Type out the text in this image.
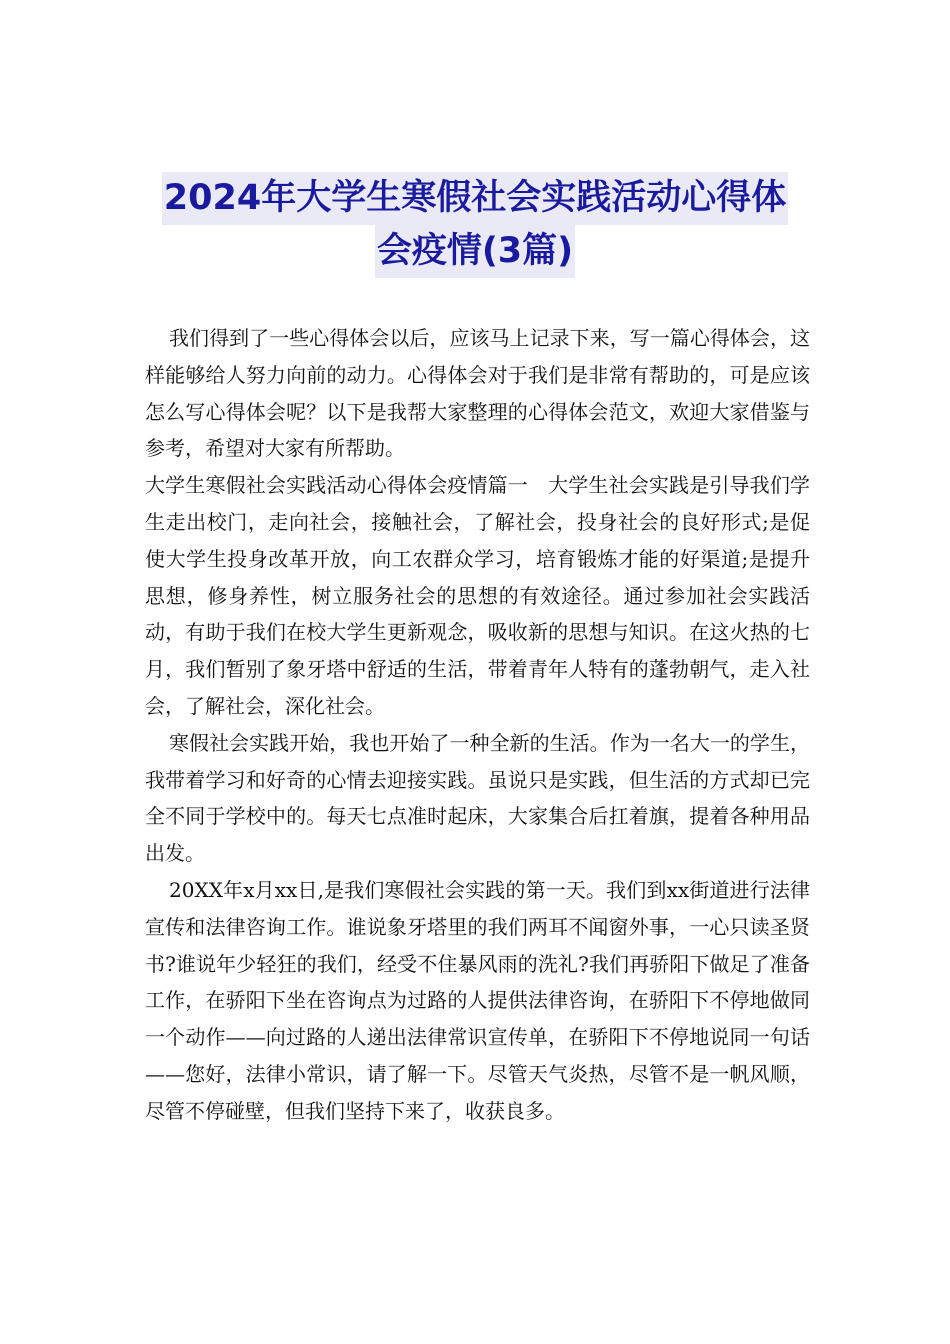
2024年大学生寒假社会实践活动心得体
会疫情(3篇)

我们得到了一些心得体会以后，应该马上记录下来，写一篇心得体会，这样能够给人努力向前的动力。心得体会对于我们是非常有帮助的，可是应该怎么写心得体会呢？以下是我帮大家整理的心得体会范文，欢迎大家借鉴与参考，希望对大家有所帮助。

大学生寒假社会实践活动心得体会疫情篇一　大学生社会实践是引导我们学生走出校门，走向社会，接触社会，了解社会，投身社会的良好形式;是促使大学生投身改革开放，向工农群众学习，培育锻炼才能的好渠道;是提升思想，修身养性，树立服务社会的思想的有效途径。通过参加社会实践活动，有助于我们在校大学生更新观念，吸收新的思想与知识。在这火热的七月，我们暂别了象牙塔中舒适的生活，带着青年人特有的蓬勃朝气，走入社会，了解社会，深化社会。

寒假社会实践开始，我也开始了一种全新的生活。作为一名大一的学生，我带着学习和好奇的心情去迎接实践。虽说只是实践，但生活的方式却已完全不同于学校中的。每天七点准时起床，大家集合后扛着旗，提着各种用品出发。

20XX年x月xx日,是我们寒假社会实践的第一天。我们到xx街道进行法律宣传和法律咨询工作。谁说象牙塔里的我们两耳不闻窗外事，一心只读圣贤书?谁说年少轻狂的我们，经受不住暴风雨的洗礼?我们再骄阳下做足了准备工作，在骄阳下坐在咨询点为过路的人提供法律咨询，在骄阳下不停地做同一个动作——向过路的人递出法律常识宣传单，在骄阳下不停地说同一句话——您好，法律小常识，请了解一下。尽管天气炎热，尽管不是一帆风顺，尽管不停碰壁，但我们坚持下来了，收获良多。
